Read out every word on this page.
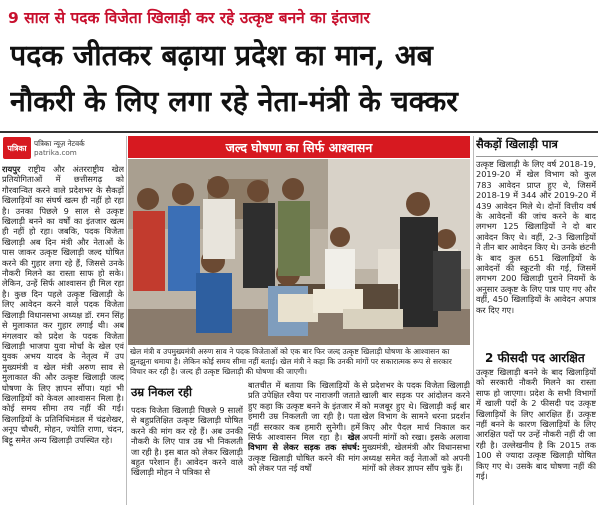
9 साल से पदक विजेता खिलाड़ी कर रहे उत्कृष्ट बनने का इंतजार
पदक जीतकर बढ़ाया प्रदेश का मान, अब
नौकरी के लिए लगा रहे नेता-मंत्री के चक्कर
पत्रिका	पत्रिका न्यूज़ नेटवर्क
patrika.com
रायपुर राष्ट्रीय और अंतरराष्ट्रीय खेल प्रतियोगिताओं में छत्तीसगढ़ को गौरवान्वित करने वाले प्रदेशभर के सैकड़ों खिलाड़ियों का संघर्ष खत्म ही नहीं हो रहा है। उनका पिछले 9 साल से उत्कृष्ट खिलाड़ी बनने का वर्षों का इंतजार खत्म ही नहीं हो रहा। जबकि, पदक विजेता खिलाड़ी अब दिन मंत्री और नेताओं के पास जाकर उत्कृष्ट खिलाड़ी जल्द घोषित करने की गुहार लगा रहे हैं, जिससे उनके नौकरी मिलने का रास्ता साफ हो सके। लेकिन, उन्हें सिर्फ आश्वासन ही मिल रहा है। कुछ दिन पहले उत्कृष्ट खिलाड़ी के लिए आवेदन करने वाले पदक विजेता खिलाड़ी विधानसभा अध्यक्ष डॉ. रमन सिंह से मुलाकात कर गुहार लगाई थी। अब मंगलवार को प्रदेश के पदक विजेता खिलाड़ी भाजपा युवा मोर्चा के खेल एवं युवक अभय यादव के नेतृत्व में उप मुख्यमंत्री व खेल मंत्री अरुण साव से मुलाकात की और उत्कृष्ट खिलाड़ी जल्द घोषणा के लिए ज्ञापन सौंपा। यहां भी खिलाड़ियों को केवल आश्वासन मिला है। कोई समय सीमा तय नहीं की गई। खिलाड़ियों के प्रतिनिधिमंडल में चंद्रशेखर, अनूप चौधरी, मोहन, ज्योति राणा, चंदन, बिट्टू समेत अन्य खिलाड़ी उपस्थित रहे।
जल्द घोषणा का सिर्फ आश्वासन
खेल मंत्री व उपमुख्यमंत्री अरुण साव ने पदक विजेताओं को एक बार फिर जल्द उत्कृष्ट खिलाड़ी घोषणा के आश्वासन का झुनझुना थमाया है। लेकिन कोई समय सीमा नहीं बताई। खेल मंत्री ने कहा कि उनकी मांगों पर सकारात्मक रूप से सरकार विचार कर रही है। जल्द ही उत्कृष्ट खिलाड़ी की घोषणा की जाएगी।
उम्र निकल रही
पदक विजेता खिलाड़ी पिछले 9 सालों से बहुप्रतिक्षित उत्कृष्ट खिलाड़ी घोषित करने की मांग कर रहे हैं। अब उनकी नौकरी के लिए पात्र उम्र भी निकलती जा रही है। इस बात को लेकर खिलाड़ी बहुत परेशान हैं। आवेदन करने वाले खिलाड़ी मोहन ने पत्रिका से
बातचीत में बताया कि खिलाड़ियों के प्रति उपेक्षित रवैया पर नाराजगी जताते हुए कहा कि उत्कृष्ट बनने के इंतजार में हमारी उम्र निकलती जा रही है। पता नहीं सरकार कब हमारी सुनेगी। हमें सिर्फ आश्वासन मिल रहा है। खेल विभाग से लेकर सड़क तक संघर्ष: उत्कृष्ट खिलाड़ी घोषित करने की मांग को लेकर पत नई वर्षों
से प्रदेशभर के पदक विजेता खिलाड़ी खाली बार सड़क पर आंदोलन करने को मजबूर हुए थे। खिलाड़ी कई बार खेल विभाग के सामने धरना प्रदर्शन किए और पैदल मार्च निकाल कर अपनी मांगों को रखा। इसके अलावा मुख्यमंत्री, खेलमंत्री और विधानसभा अध्यक्ष समेत कई नेताओं को अपनी मांगों को लेकर ज्ञापन सौंप चुके हैं।
सैकड़ों खिलाड़ी पात्र
उत्कृष्ट खिलाड़ी के लिए वर्ष 2018-19, 2019-20 में खेल विभाग को कुल 783 आवेदन प्राप्त हुए थे, जिसमें 2018-19 में 344 और 2019-20 में 439 आवेदन मिले थे। दोनों वित्तीय वर्ष के आवेदनों की जांच करने के बाद लगभग 125 खिलाड़ियों ने दो बार आवेदन किए थे। वहीं, 2-3 खिलाड़ियों ने तीन बार आवेदन किए थे। उनके छंटनी के बाद कुल 651 खिलाड़ियों के आवेदनों की स्क्रूटनी की गई, जिसमें लगभग 200 खिलाड़ी पुराने नियमों के अनुसार उत्कृष्ट के लिए पात्र पाए गए और वहीं, 450 खिलाड़ियों के आवेदन अपात्र कर दिए गए।
2 फीसदी पद आरक्षित
उत्कृष्ट खिलाड़ी बनने के बाद खिलाड़ियों को सरकारी नौकरी मिलने का रास्ता साफ हो जाएगा। प्रदेश के सभी विभागों में खाली पदों के 2 फीसदी पद उत्कृष्ट खिलाड़ियों के लिए आरक्षित हैं। उत्कृष्ट नहीं बनने के कारण खिलाड़ियों के लिए आरक्षित पदों पर उन्हें नौकरी नहीं दी जा रही है। उल्लेखनीय है कि 2015 तक 100 से ज्यादा उत्कृष्ट खिलाड़ी घोषित किए गए थे। उसके बाद घोषणा नहीं की गई।
